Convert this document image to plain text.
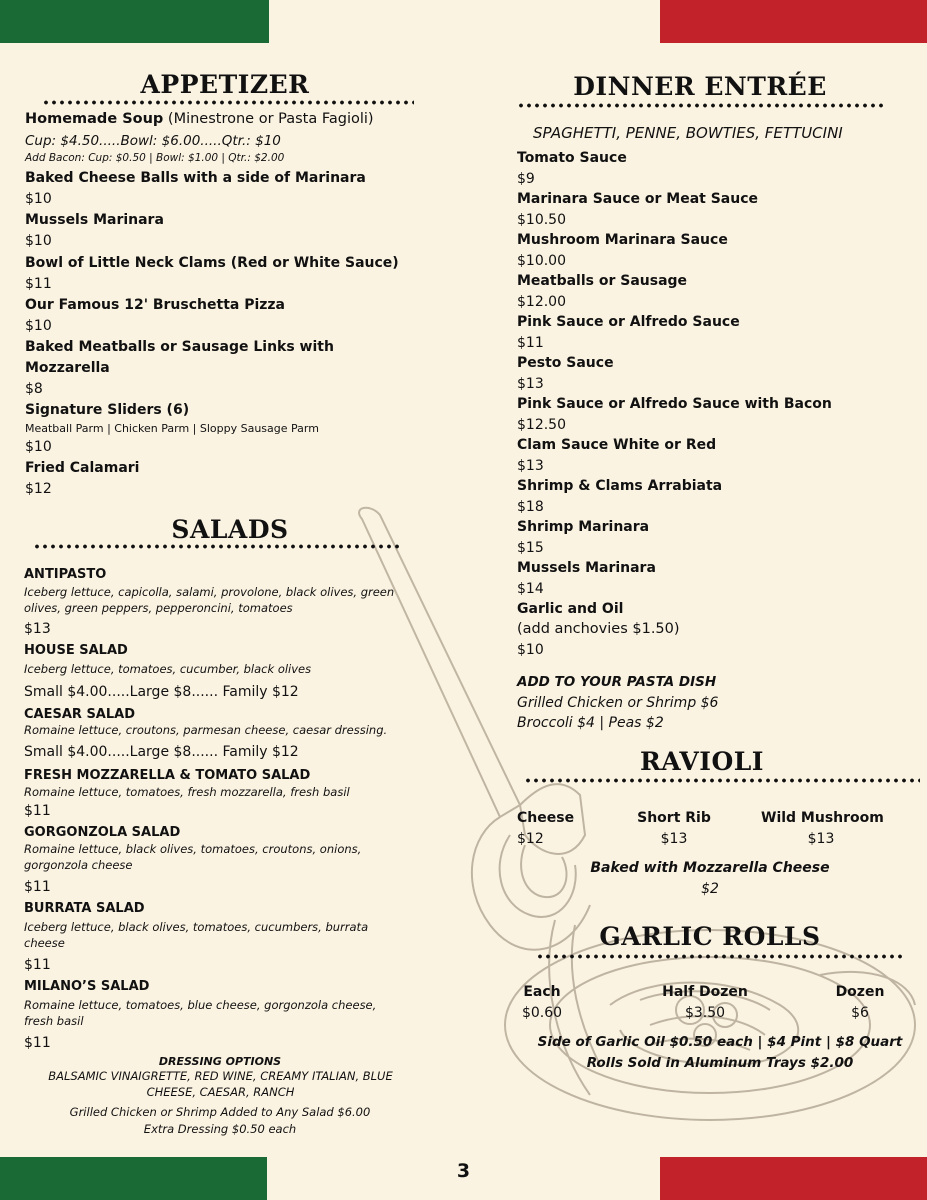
APPETIZER
Homemade Soup (Minestrone or Pasta Fagioli)
Cup: $4.50.....Bowl: $6.00.....Qtr.: $10
Add Bacon: Cup: $0.50 | Bowl: $1.00 | Qtr.: $2.00
Baked Cheese Balls with a side of Marinara
$10
Mussels Marinara
$10
Bowl of Little Neck Clams (Red or White Sauce)
$11
Our Famous 12' Bruschetta Pizza
$10
Baked Meatballs or Sausage Links with
Mozzarella
$8
Signature Sliders (6)
Meatball Parm | Chicken Parm | Sloppy Sausage Parm
$10
Fried Calamari
$12
SALADS
ANTIPASTO
Iceberg lettuce, capicolla, salami, provolone, black olives, green olives, green peppers, pepperoncini, tomatoes
$13
HOUSE SALAD
Iceberg lettuce, tomatoes, cucumber, black olives
Small $4.00.....Large $8...... Family $12
CAESAR SALAD
Romaine lettuce, croutons, parmesan cheese, caesar dressing.
Small $4.00.....Large $8...... Family $12
FRESH MOZZARELLA & TOMATO SALAD
Romaine lettuce, tomatoes, fresh mozzarella, fresh basil
$11
GORGONZOLA SALAD
Romaine lettuce, black olives, tomatoes, croutons, onions, gorgonzola cheese
$11
BURRATA SALAD
Iceberg lettuce, black olives, tomatoes, cucumbers, burrata cheese
$11
MILANO’S SALAD
Romaine lettuce, tomatoes, blue cheese, gorgonzola cheese, fresh basil
$11
DRESSING OPTIONS
BALSAMIC VINAIGRETTE, RED WINE, CREAMY ITALIAN, BLUE CHEESE, CAESAR, RANCH
Grilled Chicken or Shrimp Added to Any Salad $6.00
Extra Dressing $0.50 each
DINNER ENTRÉE
SPAGHETTI, PENNE, BOWTIES, FETTUCINI
Tomato Sauce
$9
Marinara Sauce or Meat Sauce
$10.50
Mushroom Marinara Sauce
$10.00
Meatballs or Sausage
$12.00
Pink Sauce or Alfredo Sauce
$11
Pesto Sauce
$13
Pink Sauce or Alfredo Sauce with Bacon
$12.50
Clam Sauce White or Red
$13
Shrimp & Clams Arrabiata
$18
Shrimp Marinara
$15
Mussels Marinara
$14
Garlic and Oil
(add anchovies $1.50)
$10
ADD TO YOUR PASTA DISH
Grilled Chicken or Shrimp $6
Broccoli $4 | Peas $2
RAVIOLI
Cheese
$12
Short Rib
$13
Wild Mushroom
$13
Baked with Mozzarella Cheese
$2
GARLIC ROLLS
Each
$0.60
Half Dozen
$3.50
Dozen
$6
Side of Garlic Oil $0.50 each | $4 Pint | $8 Quart
Rolls Sold in Aluminum Trays $2.00
3
